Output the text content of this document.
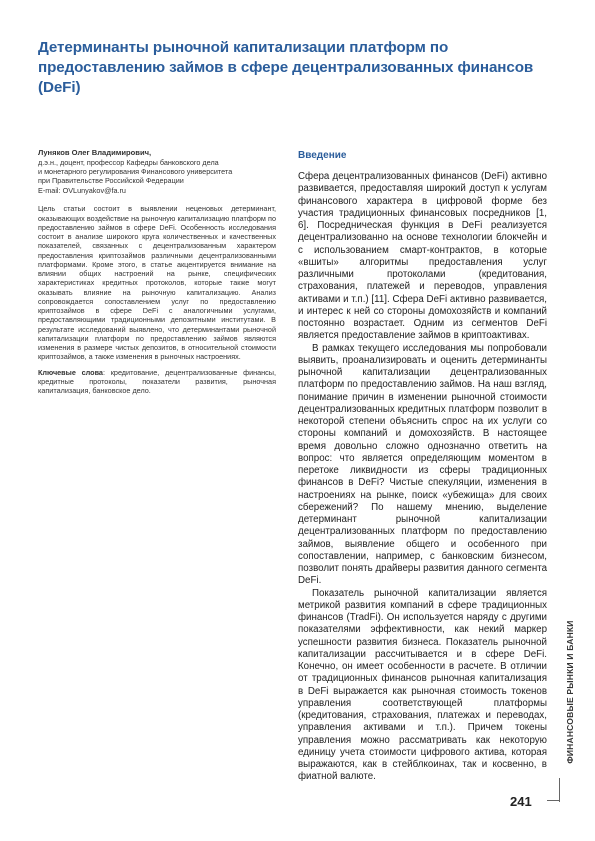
Детерминанты рыночной капитализации платформ по предоставлению займов в сфере децентрализованных финансов (DeFi)
Луняков Олег Владимирович,
д.э.н., доцент, профессор Кафедры банковского дела
и монетарного регулирования Финансового университета
при Правительстве Российской Федерации
E-mail: OVLunyakov@fa.ru

Цель статьи состоит в выявлении неценовых детерминант, оказывающих воздействие на рыночную капитализацию платформ по предоставлению займов в сфере DeFi. Особенность исследования состоит в анализе широкого круга количественных и качественных показателей, связанных с децентрализованным характером предоставления криптозаймов различными децентрализованными платформами. Кроме этого, в статье акцентируется внимание на влиянии общих настроений на рынке, специфических характеристиках кредитных протоколов, которые также могут оказывать влияние на рыночную капитализацию. Анализ сопровождается сопоставлением услуг по предоставлению криптозаймов в сфере DeFi с аналогичными услугами, предоставляющими традиционными депозитными институтами. В результате исследований выявлено, что детерминантами рыночной капитализации платформ по предоставлению займов являются изменения в размере чистых депозитов, в относительной стоимости криптозаймов, а также изменения в рыночных настроениях.

Ключевые слова: кредитование, децентрализованные финансы, кредитные протоколы, показатели развития, рыночная капитализация, банковское дело.

Введение

Сфера децентрализованных финансов (DeFi) активно развивается, предоставляя широкий доступ к услугам финансового характера в цифровой форме без участия традиционных финансовых посредников [1, 6]. Посредническая функция в DeFi реализуется децентрализованно на основе технологии блокчейн и с использованием смарт-контрактов, в которые «вшиты» алгоритмы предоставления услуг различными протоколами (кредитования, страхования, платежей и переводов, управления активами и т.п.) [11]. Сфера DeFi активно развивается, и интерес к ней со стороны домохозяйств и компаний постоянно возрастает. Одним из сегментов DeFi является предоставление займов в криптоактивах.

В рамках текущего исследования мы попробовали выявить, проанализировать и оценить детерминанты рыночной капитализации децентрализованных платформ по предоставлению займов. На наш взгляд, понимание причин в изменении рыночной стоимости децентрализованных кредитных платформ позволит в некоторой степени объяснить спрос на их услуги со стороны компаний и домохозяйств. В настоящее время довольно сложно однозначно ответить на вопрос: что является определяющим моментом в перетоке ликвидности из сферы традиционных финансов в DeFi? Чистые спекуляции, изменения в настроениях на рынке, поиск «убежища» для своих сбережений? По нашему мнению, выделение детерминант рыночной капитализации децентрализованных платформ по предоставлению займов, выявление общего и особенного при сопоставлении, например, с банковским бизнесом, позволит понять драйверы развития данного сегмента DeFi.

Показатель рыночной капитализации является метрикой развития компаний в сфере традиционных финансов (TradFi). Он используется наряду с другими показателями эффективности, как некий маркер успешности развития бизнеса. Показатель рыночной капитализации рассчитывается и в сфере DeFi. Конечно, он имеет особенности в расчете. В отличии от традиционных финансов рыночная капитализация в DeFi выражается как рыночная стоимость токенов управления соответствующей платформы (кредитования, страхования, платежах и переводах, управления активами и т.п.). Причем токены управления можно рассматривать как некоторую единицу учета стоимости цифрового актива, которая выражаются, как в стейблкоинах, так и косвенно, в фиатной валюте.

ФИНАНСОВЫЕ РЫНКИ И БАНКИ
241
